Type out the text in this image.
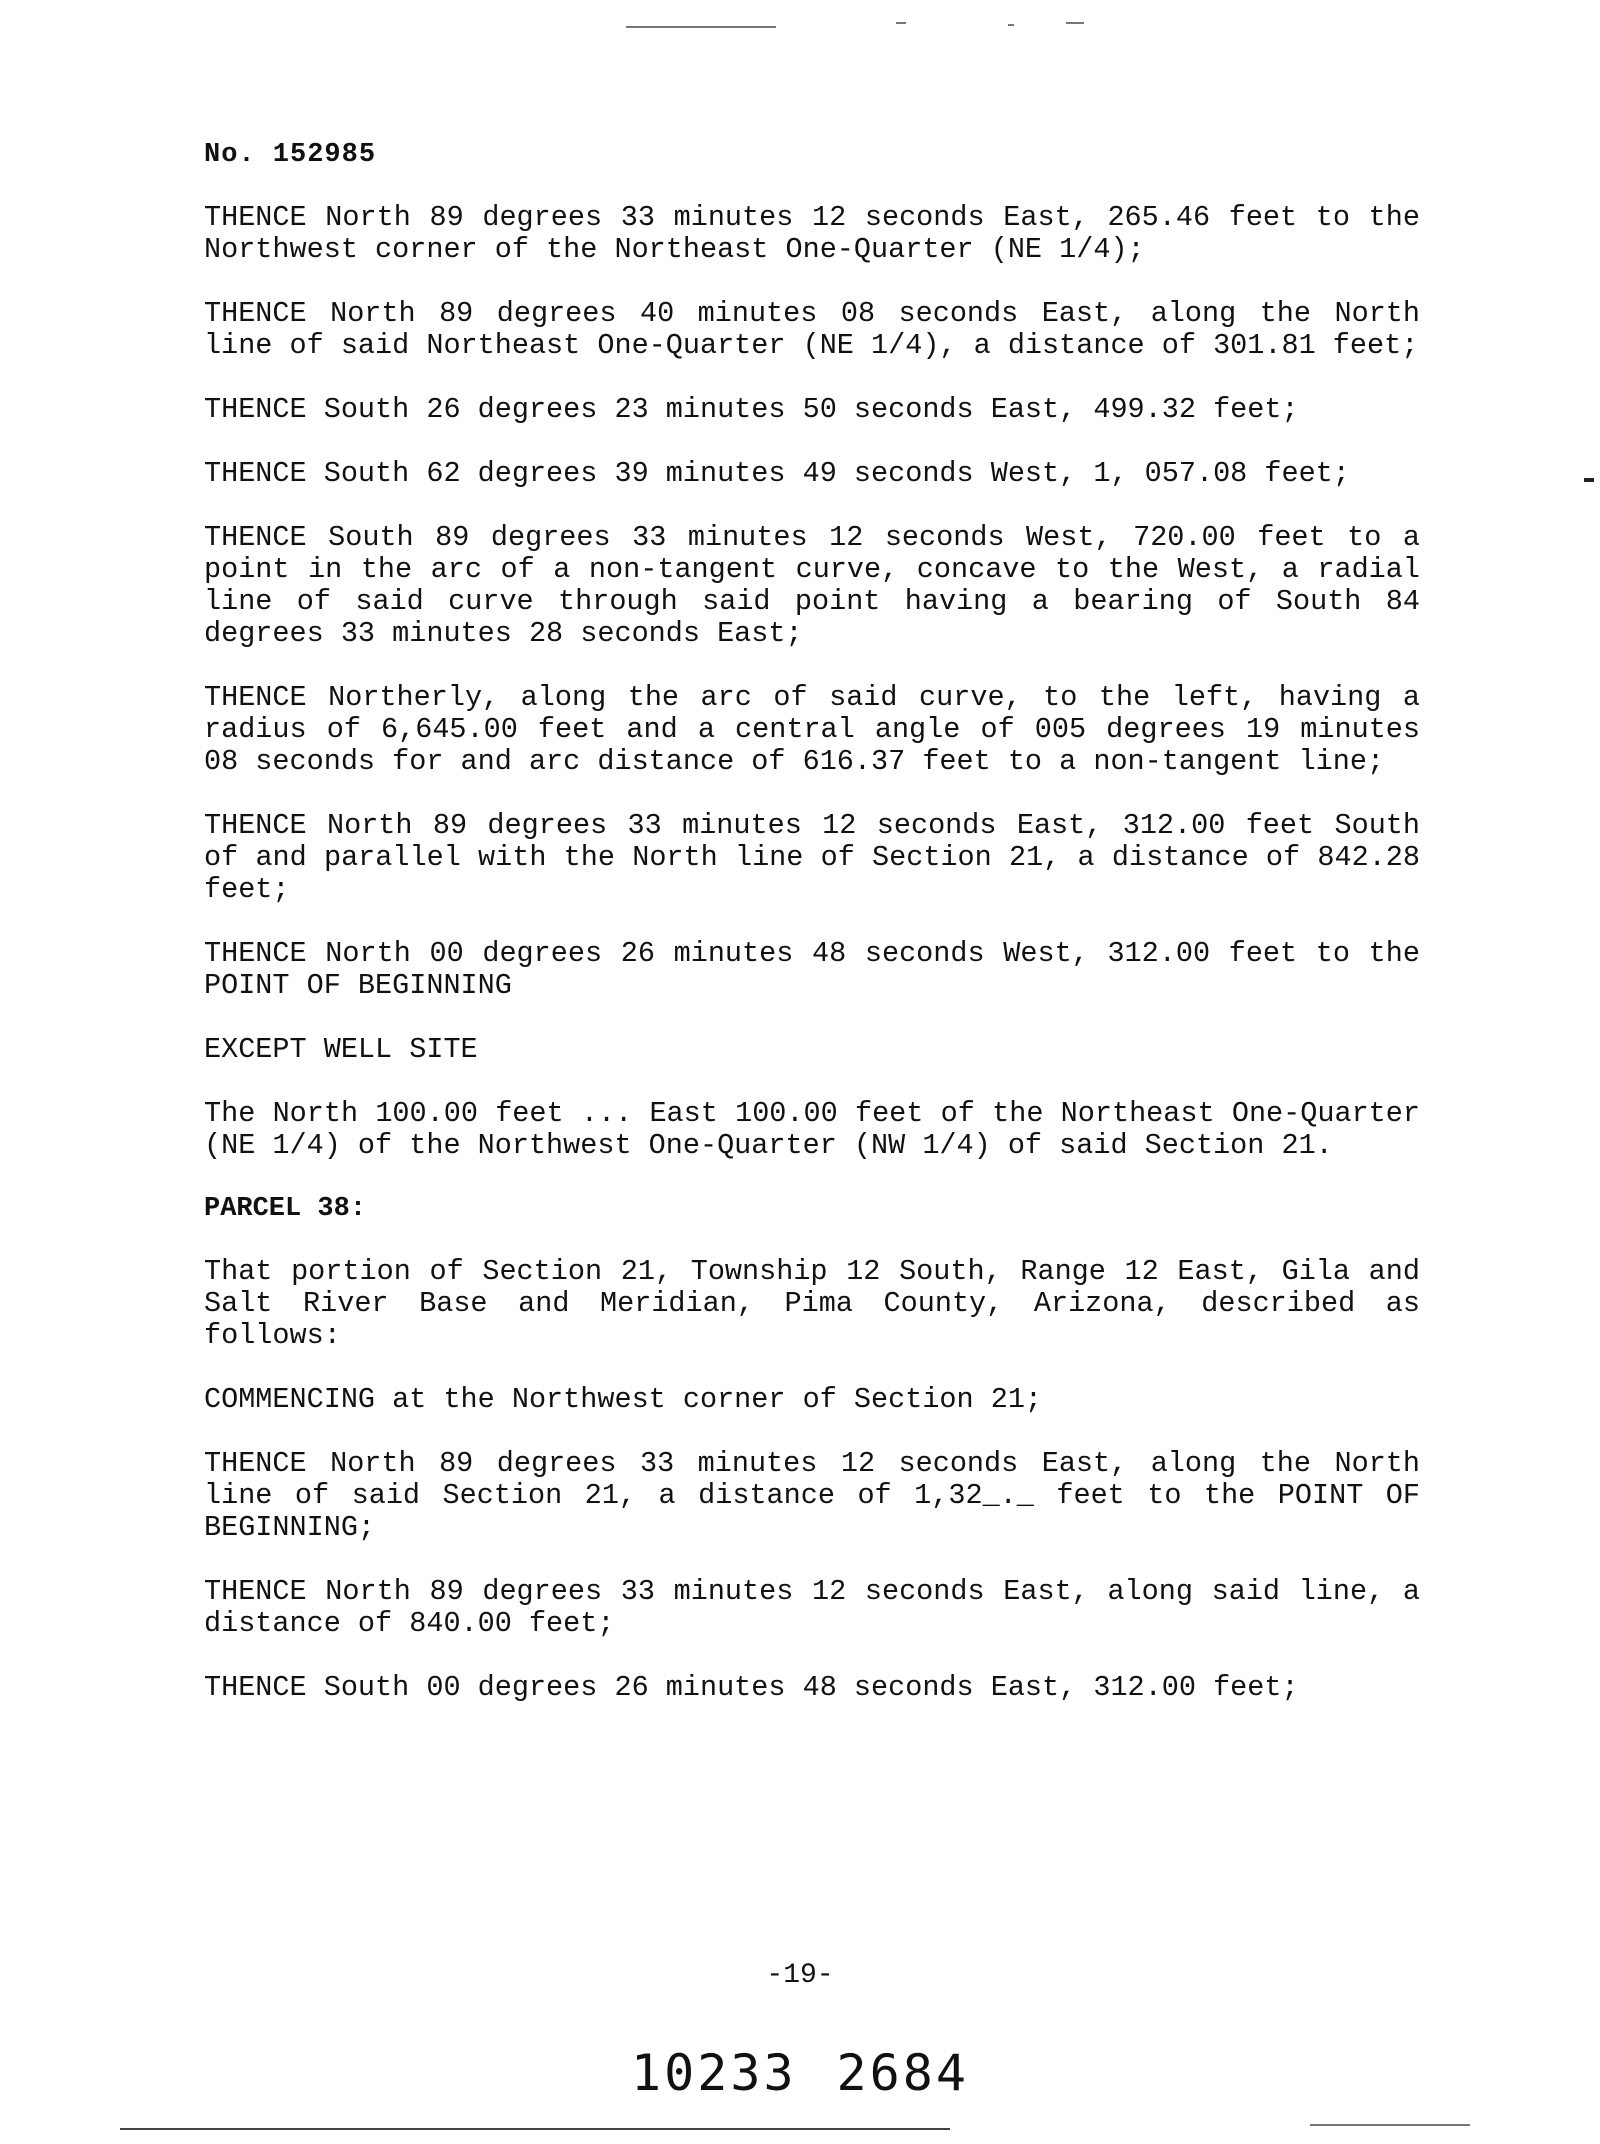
No. 152985

THENCE North 89 degrees 33 minutes 12 seconds East, 265.46 feet to the Northwest corner of the Northeast One-Quarter (NE 1/4);

THENCE North 89 degrees 40 minutes 08 seconds East, along the North line of said Northeast One-Quarter (NE 1/4), a distance of 301.81 feet;

THENCE South 26 degrees 23 minutes 50 seconds East, 499.32 feet;

THENCE South 62 degrees 39 minutes 49 seconds West, 1, 057.08 feet;

THENCE South 89 degrees 33 minutes 12 seconds West, 720.00 feet to a point in the arc of a non-tangent curve, concave to the West, a radial line of said curve through said point having a bearing of South 84 degrees 33 minutes 28 seconds East;

THENCE Northerly, along the arc of said curve, to the left, having a radius of 6,645.00 feet and a central angle of 005 degrees 19 minutes 08 seconds for and arc distance of 616.37 feet to a non-tangent line;

THENCE North 89 degrees 33 minutes 12 seconds East, 312.00 feet South of and parallel with the North line of Section 21, a distance of 842.28 feet;

THENCE North 00 degrees 26 minutes 48 seconds West, 312.00 feet to the POINT OF BEGINNING

EXCEPT WELL SITE

The North 100.00 feet ... East 100.00 feet of the Northeast One-Quarter (NE 1/4) of the Northwest One-Quarter (NW 1/4) of said Section 21.

PARCEL 38:

That portion of Section 21, Township 12 South, Range 12 East, Gila and Salt River Base and Meridian, Pima County, Arizona, described as follows:

COMMENCING at the Northwest corner of Section 21;

THENCE North 89 degrees 33 minutes 12 seconds East, along the North line of said Section 21, a distance of 1,32_._ feet to the POINT OF BEGINNING;

THENCE North 89 degrees 33 minutes 12 seconds East, along said line, a distance of 840.00 feet;

THENCE South 00 degrees 26 minutes 48 seconds East, 312.00 feet;

-19-
10233 2684
